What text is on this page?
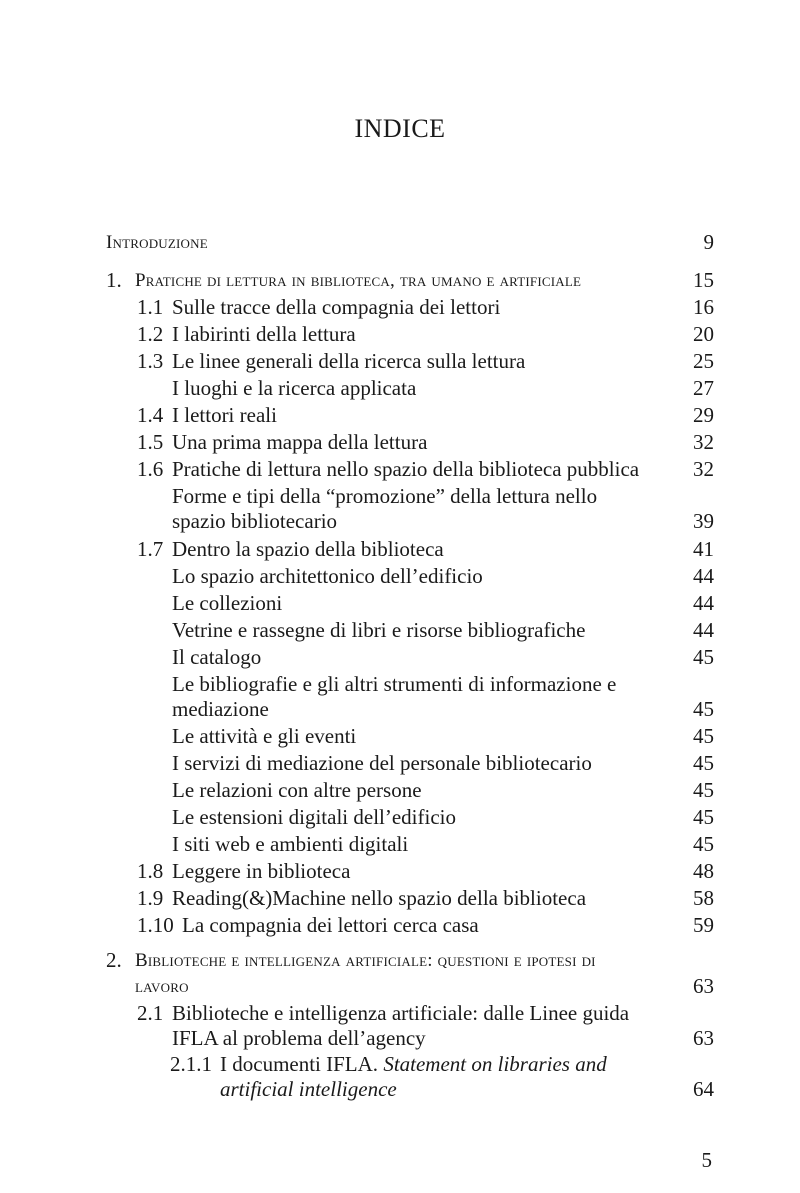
INDICE
Introduzione	9
1. Pratiche di lettura in biblioteca, tra umano e artificiale	15
1.1 Sulle tracce della compagnia dei lettori	16
1.2 I labirinti della lettura	20
1.3 Le linee generali della ricerca sulla lettura	25
I luoghi e la ricerca applicata	27
1.4 I lettori reali	29
1.5 Una prima mappa della lettura	32
1.6 Pratiche di lettura nello spazio della biblioteca pubblica	32
Forme e tipi della “promozione” della lettura nello
spazio bibliotecario	39
1.7 Dentro la spazio della biblioteca	41
Lo spazio architettonico dell’edificio	44
Le collezioni	44
Vetrine e rassegne di libri e risorse bibliografiche	44
Il catalogo	45
Le bibliografie e gli altri strumenti di informazione e
mediazione	45
Le attività e gli eventi	45
I servizi di mediazione del personale bibliotecario	45
Le relazioni con altre persone	45
Le estensioni digitali dell’edificio	45
I siti web e ambienti digitali	45
1.8 Leggere in biblioteca	48
1.9 Reading(&)Machine nello spazio della biblioteca	58
1.10 La compagnia dei lettori cerca casa	59
2. Biblioteche e intelligenza artificiale: questioni e ipotesi di
lavoro	63
2.1 Biblioteche e intelligenza artificiale: dalle Linee guida
IFLA al problema dell’agency	63
2.1.1 I documenti IFLA. Statement on libraries and
artificial intelligence	64
5
